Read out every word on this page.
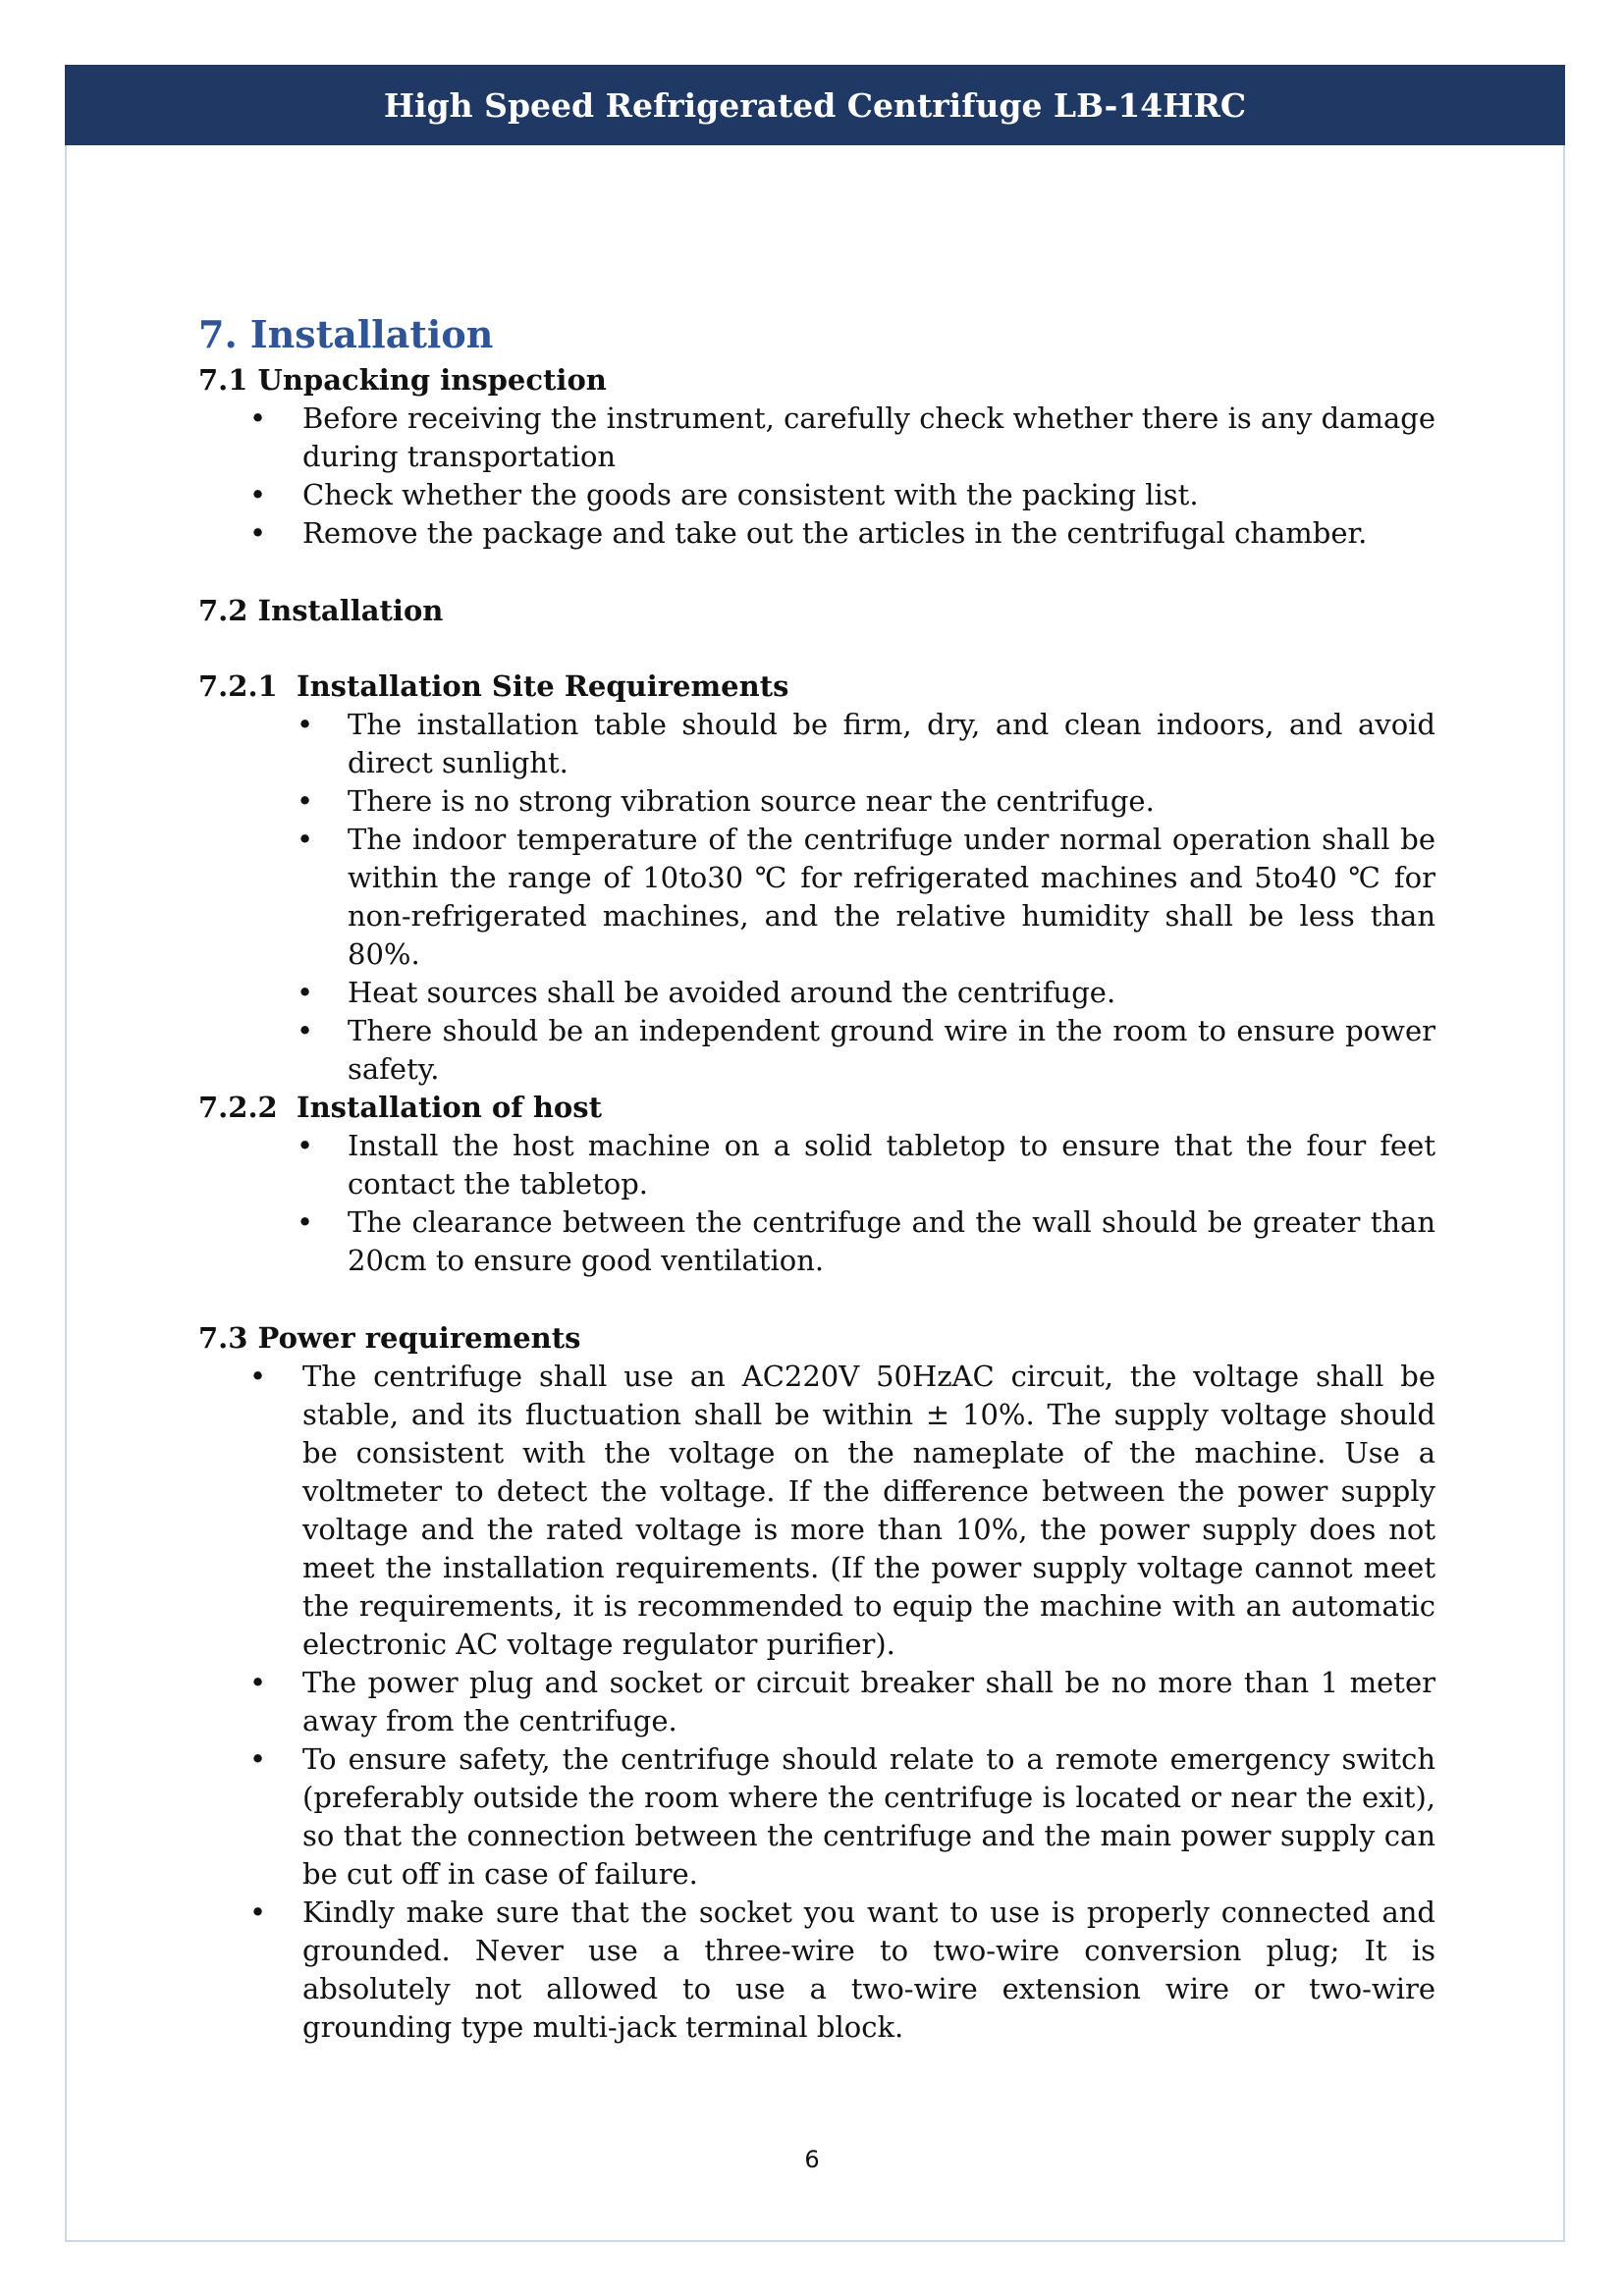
High Speed Refrigerated Centrifuge LB-14HRC
7. Installation
7.1 Unpacking inspection
• Before receiving the instrument, carefully check whether there is any damage during transportation
• Check whether the goods are consistent with the packing list.
• Remove the package and take out the articles in the centrifugal chamber.
7.2 Installation
7.2.1 Installation Site Requirements
• The installation table should be firm, dry, and clean indoors, and avoid direct sunlight.
• There is no strong vibration source near the centrifuge.
• The indoor temperature of the centrifuge under normal operation shall be within the range of 10to30 ℃ for refrigerated machines and 5to40 ℃ for non-refrigerated machines, and the relative humidity shall be less than 80%.
• Heat sources shall be avoided around the centrifuge.
• There should be an independent ground wire in the room to ensure power safety.
7.2.2 Installation of host
• Install the host machine on a solid tabletop to ensure that the four feet contact the tabletop.
• The clearance between the centrifuge and the wall should be greater than 20cm to ensure good ventilation.
7.3 Power requirements
• The centrifuge shall use an AC220V 50HzAC circuit, the voltage shall be stable, and its fluctuation shall be within ± 10%. The supply voltage should be consistent with the voltage on the nameplate of the machine. Use a voltmeter to detect the voltage. If the difference between the power supply voltage and the rated voltage is more than 10%, the power supply does not meet the installation requirements. (If the power supply voltage cannot meet the requirements, it is recommended to equip the machine with an automatic electronic AC voltage regulator purifier).
• The power plug and socket or circuit breaker shall be no more than 1 meter away from the centrifuge.
• To ensure safety, the centrifuge should relate to a remote emergency switch (preferably outside the room where the centrifuge is located or near the exit), so that the connection between the centrifuge and the main power supply can be cut off in case of failure.
• Kindly make sure that the socket you want to use is properly connected and grounded. Never use a three-wire to two-wire conversion plug; It is absolutely not allowed to use a two-wire extension wire or two-wire grounding type multi-jack terminal block.
6
